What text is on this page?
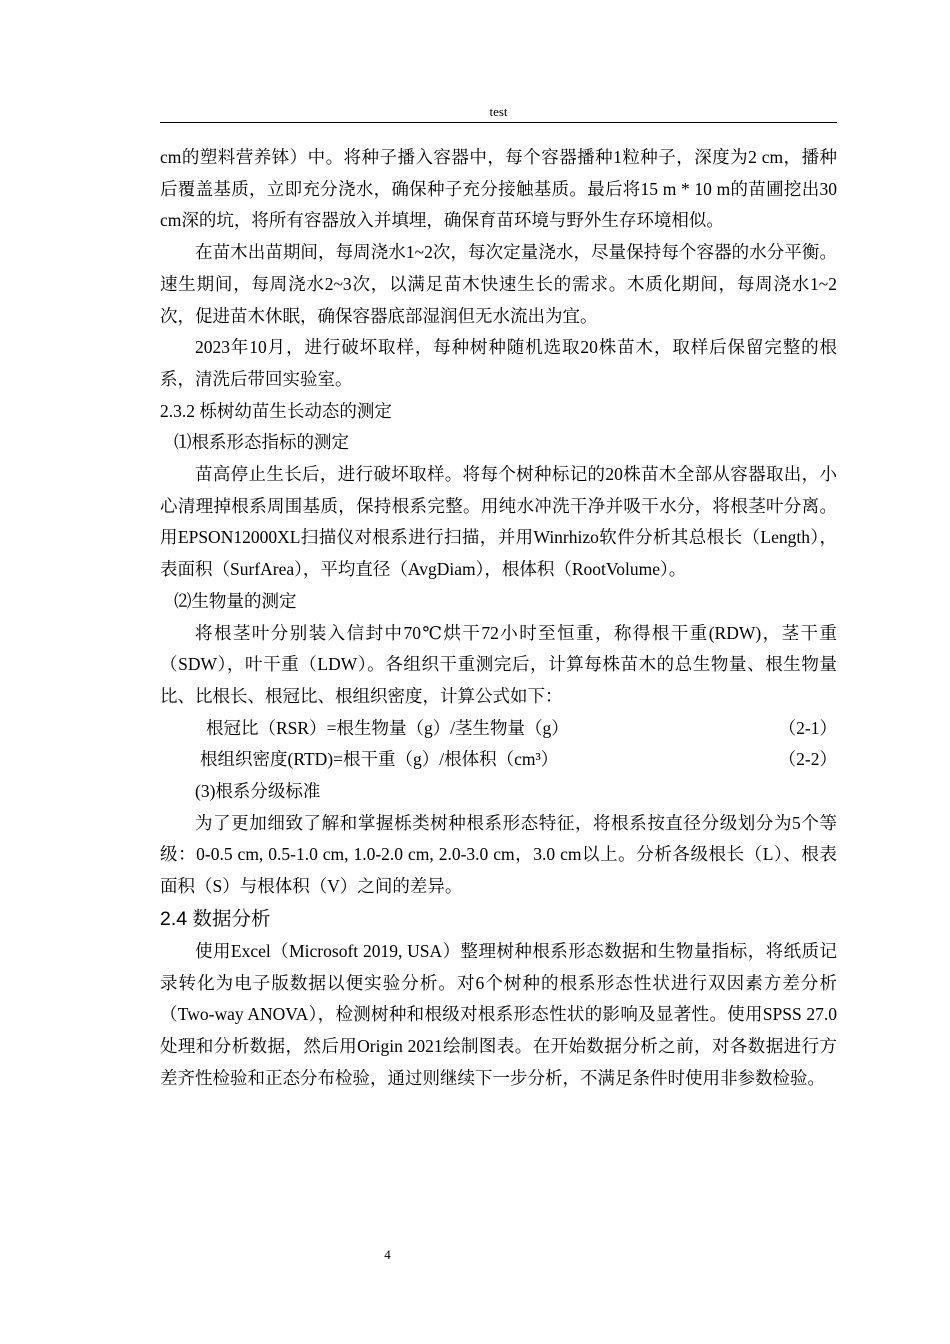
test

cm的塑料营养钵）中。将种子播入容器中，每个容器播种1粒种子，深度为2 cm，播种后覆盖基质，立即充分浇水，确保种子充分接触基质。最后将15 m * 10 m的苗圃挖出30 cm深的坑，将所有容器放入并填埋，确保育苗环境与野外生存环境相似。

在苗木出苗期间，每周浇水1~2次，每次定量浇水，尽量保持每个容器的水分平衡。速生期间，每周浇水2~3次，以满足苗木快速生长的需求。木质化期间，每周浇水1~2次，促进苗木休眠，确保容器底部湿润但无水流出为宜。

2023年10月，进行破坏取样，每种树种随机选取20株苗木，取样后保留完整的根系，清洗后带回实验室。

2.3.2 栎树幼苗生长动态的测定

⑴根系形态指标的测定

苗高停止生长后，进行破坏取样。将每个树种标记的20株苗木全部从容器取出，小心清理掉根系周围基质，保持根系完整。用纯水冲洗干净并吸干水分，将根茎叶分离。用EPSON12000XL扫描仪对根系进行扫描，并用Winrhizo软件分析其总根长（Length），表面积（SurfArea），平均直径（AvgDiam），根体积（RootVolume）。

⑵生物量的测定

将根茎叶分别装入信封中70℃烘干72小时至恒重，称得根干重(RDW)，茎干重（SDW），叶干重（LDW）。各组织干重测完后，计算每株苗木的总生物量、根生物量比、比根长、根冠比、根组织密度，计算公式如下：

根冠比（RSR）=根生物量（g）/茎生物量（g）	（2-1）
根组织密度(RTD)=根干重（g）/根体积（cm³）	（2-2）

(3)根系分级标准

为了更加细致了解和掌握栎类树种根系形态特征，将根系按直径分级划分为5个等级：0-0.5 cm, 0.5-1.0 cm, 1.0-2.0 cm, 2.0-3.0 cm，3.0 cm以上。分析各级根长（L）、根表面积（S）与根体积（V）之间的差异。

2.4 数据分析

使用Excel（Microsoft 2019, USA）整理树种根系形态数据和生物量指标，将纸质记录转化为电子版数据以便实验分析。对6个树种的根系形态性状进行双因素方差分析（Two-way ANOVA），检测树种和根级对根系形态性状的影响及显著性。使用SPSS 27.0处理和分析数据，然后用Origin 2021绘制图表。在开始数据分析之前，对各数据进行方差齐性检验和正态分布检验，通过则继续下一步分析，不满足条件时使用非参数检验。

4
